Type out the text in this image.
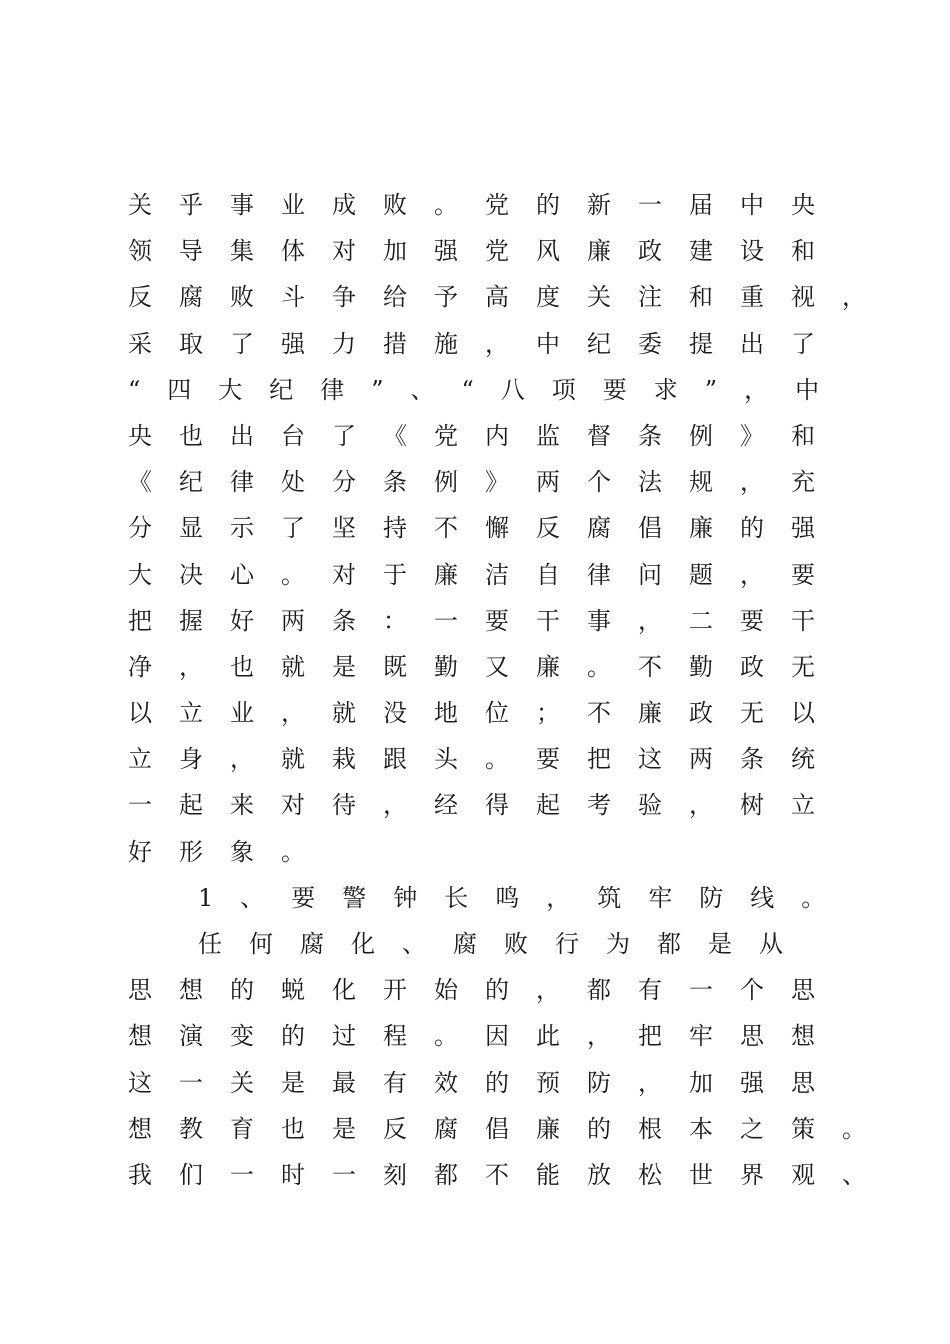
关乎事业成败。党的新一届中央
领导集体对加强党风廉政建设和
反腐败斗争给予高度关注和重视，
采取了强力措施，中纪委提出了
“四大纪律”、“八项要求”，中
央也出台了《党内监督条例》和
《纪律处分条例》两个法规，充
分显示了坚持不懈反腐倡廉的强
大决心。对于廉洁自律问题，要
把握好两条：一要干事，二要干
净，也就是既勤又廉。不勤政无
以立业，就没地位；不廉政无以
立身，就栽跟头。要把这两条统
一起来对待，经得起考验，树立
好形象。
1、要警钟长鸣，筑牢防线。
任何腐化、腐败行为都是从
思想的蜕化开始的，都有一个思
想演变的过程。因此，把牢思想
这一关是最有效的预防，加强思
想教育也是反腐倡廉的根本之策。
我们一时一刻都不能放松世界观、
